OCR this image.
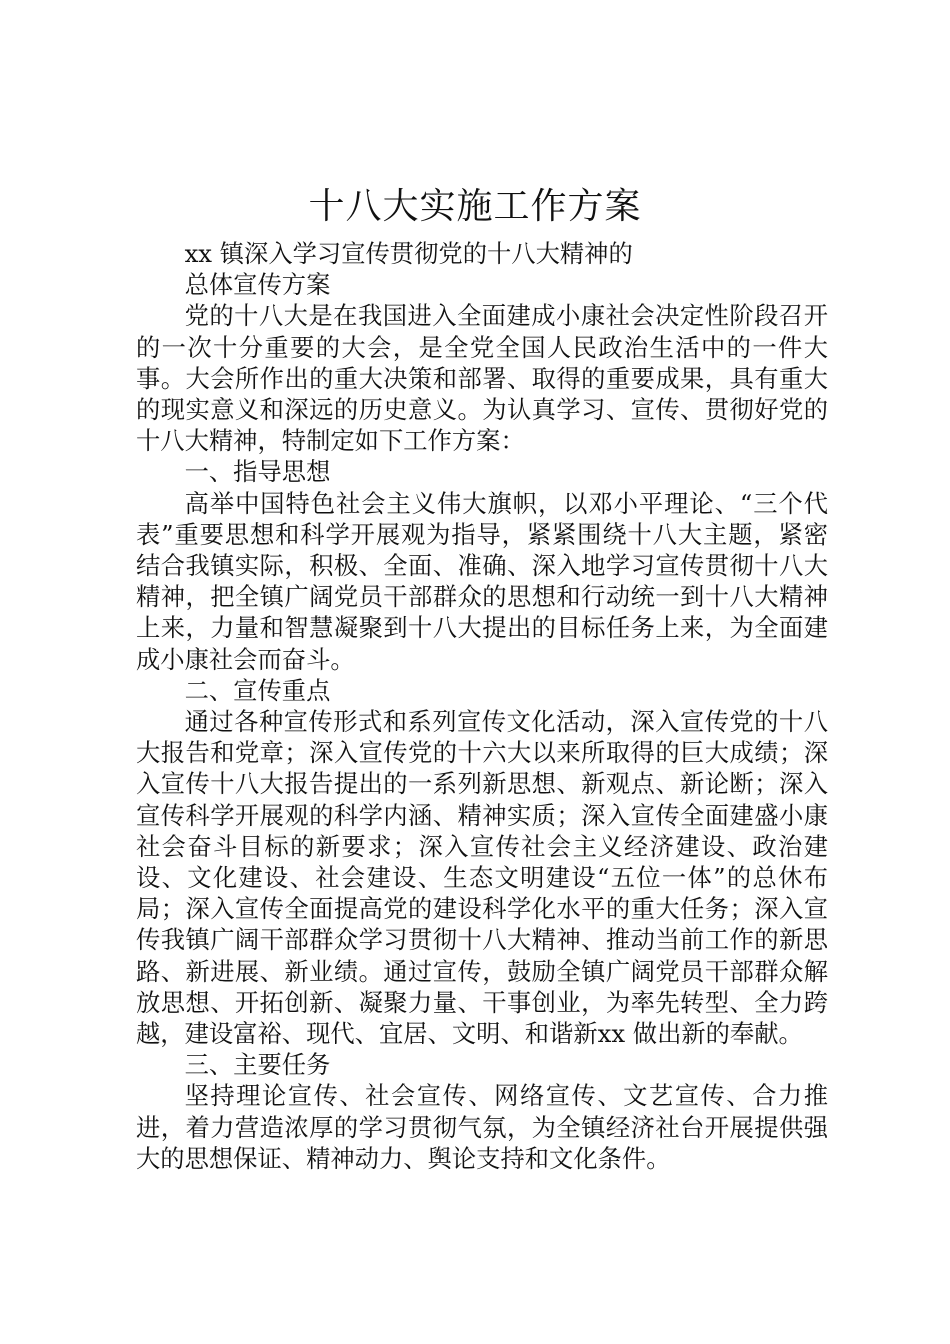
十八大实施工作方案

xx 镇深入学习宣传贯彻党的十八大精神的

总体宣传方案

党的十八大是在我国进入全面建成小康社会决定性阶段召开的一次十分重要的大会，是全党全国人民政治生活中的一件大事。大会所作出的重大决策和部署、取得的重要成果，具有重大的现实意义和深远的历史意义。为认真学习、宣传、贯彻好党的十八大精神，特制定如下工作方案：

一、指导思想

高举中国特色社会主义伟大旗帜，以邓小平理论、“三个代表”重要思想和科学开展观为指导，紧紧围绕十八大主题，紧密结合我镇实际，积极、全面、准确、深入地学习宣传贯彻十八大精神，把全镇广阔党员干部群众的思想和行动统一到十八大精神上来，力量和智慧凝聚到十八大提出的目标任务上来，为全面建成小康社会而奋斗。

二、宣传重点

通过各种宣传形式和系列宣传文化活动，深入宣传党的十八大报告和党章；深入宣传党的十六大以来所取得的巨大成绩；深入宣传十八大报告提出的一系列新思想、新观点、新论断；深入宣传科学开展观的科学内涵、精神实质；深入宣传全面建盛小康社会奋斗目标的新要求；深入宣传社会主义经济建设、政治建设、文化建设、社会建设、生态文明建设“五位一体”的总休布局；深入宣传全面提高党的建设科学化水平的重大任务；深入宣传我镇广阔干部群众学习贯彻十八大精神、推动当前工作的新思路、新进展、新业绩。通过宣传，鼓励全镇广阔党员干部群众解放思想、开拓创新、凝聚力量、干事创业，为率先转型、全力跨越，建设富裕、现代、宜居、文明、和谐新xx 做出新的奉献。

三、主要任务

坚持理论宣传、社会宣传、网络宣传、文艺宣传、合力推进，着力营造浓厚的学习贯彻气氛，为全镇经济社台开展提供强大的思想保证、精神动力、舆论支持和文化条件。
